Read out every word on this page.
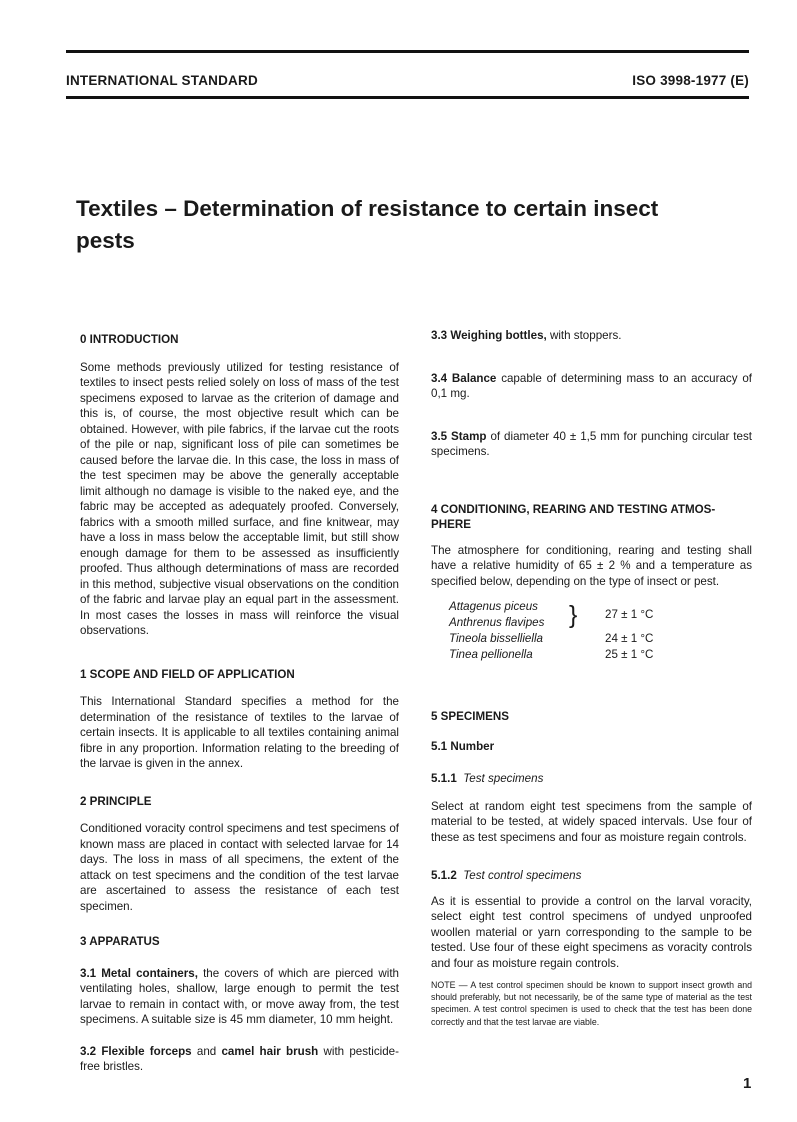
INTERNATIONAL STANDARD	ISO 3998-1977 (E)
Textiles – Determination of resistance to certain insect
pests

0 INTRODUCTION

Some methods previously utilized for testing resistance of textiles to insect pests relied solely on loss of mass of the test specimens exposed to larvae as the criterion of damage and this is, of course, the most objective result which can be obtained. However, with pile fabrics, if the larvae cut the roots of the pile or nap, significant loss of pile can sometimes be caused before the larvae die. In this case, the loss in mass of the test specimen may be above the generally acceptable limit although no damage is visible to the naked eye, and the fabric may be accepted as adequately proofed. Conversely, fabrics with a smooth milled surface, and fine knitwear, may have a loss in mass below the acceptable limit, but still show enough damage for them to be assessed as insufficiently proofed. Thus although determinations of mass are recorded in this method, subjective visual observations on the condition of the fabric and larvae play an equal part in the assessment. In most cases the losses in mass will reinforce the visual observations.

1 SCOPE AND FIELD OF APPLICATION

This International Standard specifies a method for the determination of the resistance of textiles to the larvae of certain insects. It is applicable to all textiles containing animal fibre in any proportion. Information relating to the breeding of the larvae is given in the annex.

2 PRINCIPLE

Conditioned voracity control specimens and test specimens of known mass are placed in contact with selected larvae for 14 days. The loss in mass of all specimens, the extent of the attack on test specimens and the condition of the test larvae are ascertained to assess the resistance of each test specimen.

3 APPARATUS

3.1 Metal containers, the covers of which are pierced with ventilating holes, shallow, large enough to permit the test larvae to remain in contact with, or move away from, the test specimens. A suitable size is 45 mm diameter, 10 mm height.

3.2 Flexible forceps and camel hair brush with pesticide-free bristles.

3.3 Weighing bottles, with stoppers.

3.4 Balance capable of determining mass to an accuracy of 0,1 mg.

3.5 Stamp of diameter 40 ± 1,5 mm for punching circular test specimens.

4 CONDITIONING, REARING AND TESTING ATMOS-
PHERE

The atmosphere for conditioning, rearing and testing shall have a relative humidity of 65 ± 2 % and a temperature as specified below, depending on the type of insect or pest.

Attagenus piceus	}	27 ± 1 °C
Anthrenus flavipes		
Tineola bisselliella		24 ± 1 °C
Tinea pellionella		25 ± 1 °C

5 SPECIMENS

5.1 Number

5.1.1 Test specimens

Select at random eight test specimens from the sample of material to be tested, at widely spaced intervals. Use four of these as test specimens and four as moisture regain controls.

5.1.2 Test control specimens

As it is essential to provide a control on the larval voracity, select eight test control specimens of undyed unproofed woollen material or yarn corresponding to the sample to be tested. Use four of these eight specimens as voracity controls and four as moisture regain controls.

NOTE — A test control specimen should be known to support insect growth and should preferably, but not necessarily, be of the same type of material as the test specimen. A test control specimen is used to check that the test has been done correctly and that the test larvae are viable.

1
